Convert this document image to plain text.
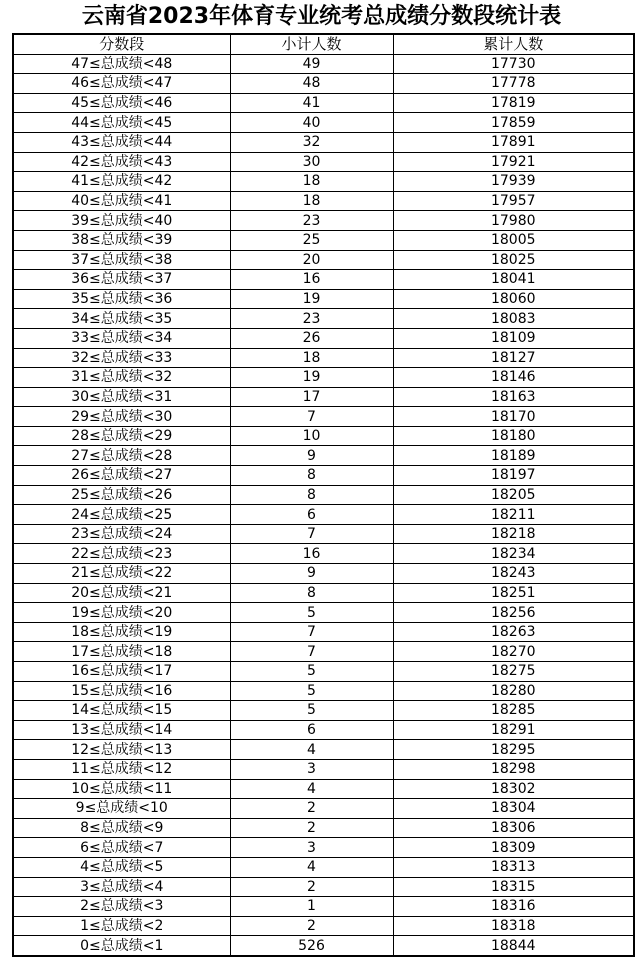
云南省2023年体育专业统考总成绩分数段统计表
分数段	小计人数	累计人数
47≤总成绩<48	49	17730
46≤总成绩<47	48	17778
45≤总成绩<46	41	17819
44≤总成绩<45	40	17859
43≤总成绩<44	32	17891
42≤总成绩<43	30	17921
41≤总成绩<42	18	17939
40≤总成绩<41	18	17957
39≤总成绩<40	23	17980
38≤总成绩<39	25	18005
37≤总成绩<38	20	18025
36≤总成绩<37	16	18041
35≤总成绩<36	19	18060
34≤总成绩<35	23	18083
33≤总成绩<34	26	18109
32≤总成绩<33	18	18127
31≤总成绩<32	19	18146
30≤总成绩<31	17	18163
29≤总成绩<30	7	18170
28≤总成绩<29	10	18180
27≤总成绩<28	9	18189
26≤总成绩<27	8	18197
25≤总成绩<26	8	18205
24≤总成绩<25	6	18211
23≤总成绩<24	7	18218
22≤总成绩<23	16	18234
21≤总成绩<22	9	18243
20≤总成绩<21	8	18251
19≤总成绩<20	5	18256
18≤总成绩<19	7	18263
17≤总成绩<18	7	18270
16≤总成绩<17	5	18275
15≤总成绩<16	5	18280
14≤总成绩<15	5	18285
13≤总成绩<14	6	18291
12≤总成绩<13	4	18295
11≤总成绩<12	3	18298
10≤总成绩<11	4	18302
9≤总成绩<10	2	18304
8≤总成绩<9	2	18306
6≤总成绩<7	3	18309
4≤总成绩<5	4	18313
3≤总成绩<4	2	18315
2≤总成绩<3	1	18316
1≤总成绩<2	2	18318
0≤总成绩<1	526	18844
